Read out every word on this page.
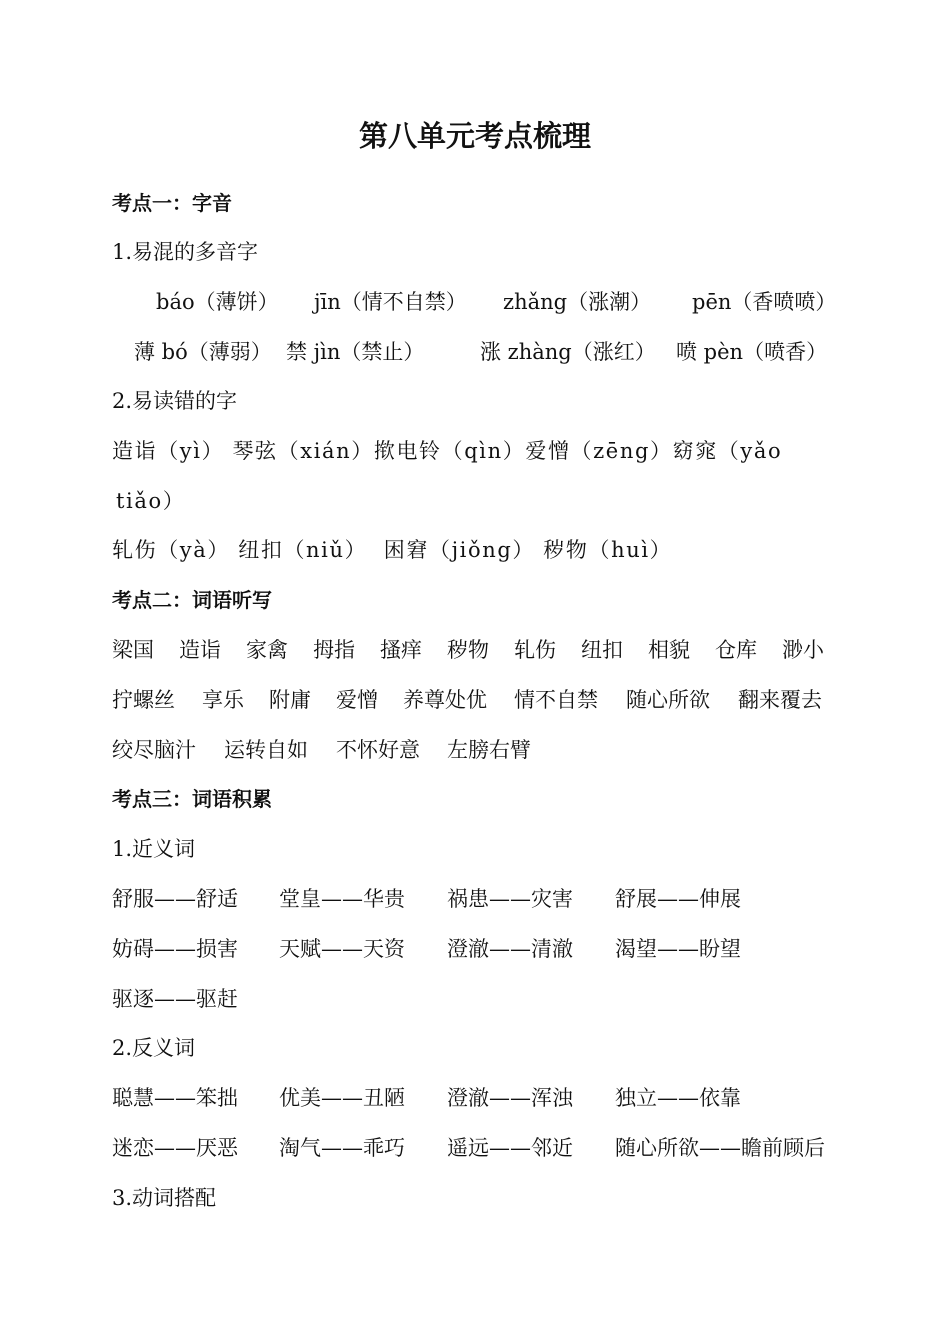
第八单元考点梳理

考点一：字音

1.易混的多音字

báo（薄饼）

jīn（情不自禁）

zhǎng（涨潮）

pēn（香喷喷）

薄 bó（薄弱）

禁 jìn（禁止）

	涨 zhàng（涨红）

喷 pèn（喷香）

2.易读错的字

造诣（yì） 琴弦（xián）揿电铃（qìn）爱憎（zēng）窈窕（yǎo

tiǎo）

轧伤（yà） 纽扣（niǔ）  困窘（jiǒng） 秽物（huì）

考点二：词语听写

梁国

造诣

家禽

拇指

搔痒

秽物

轧伤

纽扣

相貌

仓库

渺小

拧螺丝

享乐

附庸

爱憎

养尊处优

情不自禁

随心所欲

翻来覆去

绞尽脑汁

运转自如

不怀好意

左膀右臂

考点三：词语积累

1.近义词

舒服——舒适

堂皇——华贵

祸患——灾害

舒展——伸展

妨碍——损害

天赋——天资

澄澈——清澈

渴望——盼望

驱逐——驱赶

2.反义词

聪慧——笨拙

优美——丑陋

澄澈——浑浊

独立——依靠

迷恋——厌恶

淘气——乖巧

遥远——邻近

随心所欲——瞻前顾后

3.动词搭配
